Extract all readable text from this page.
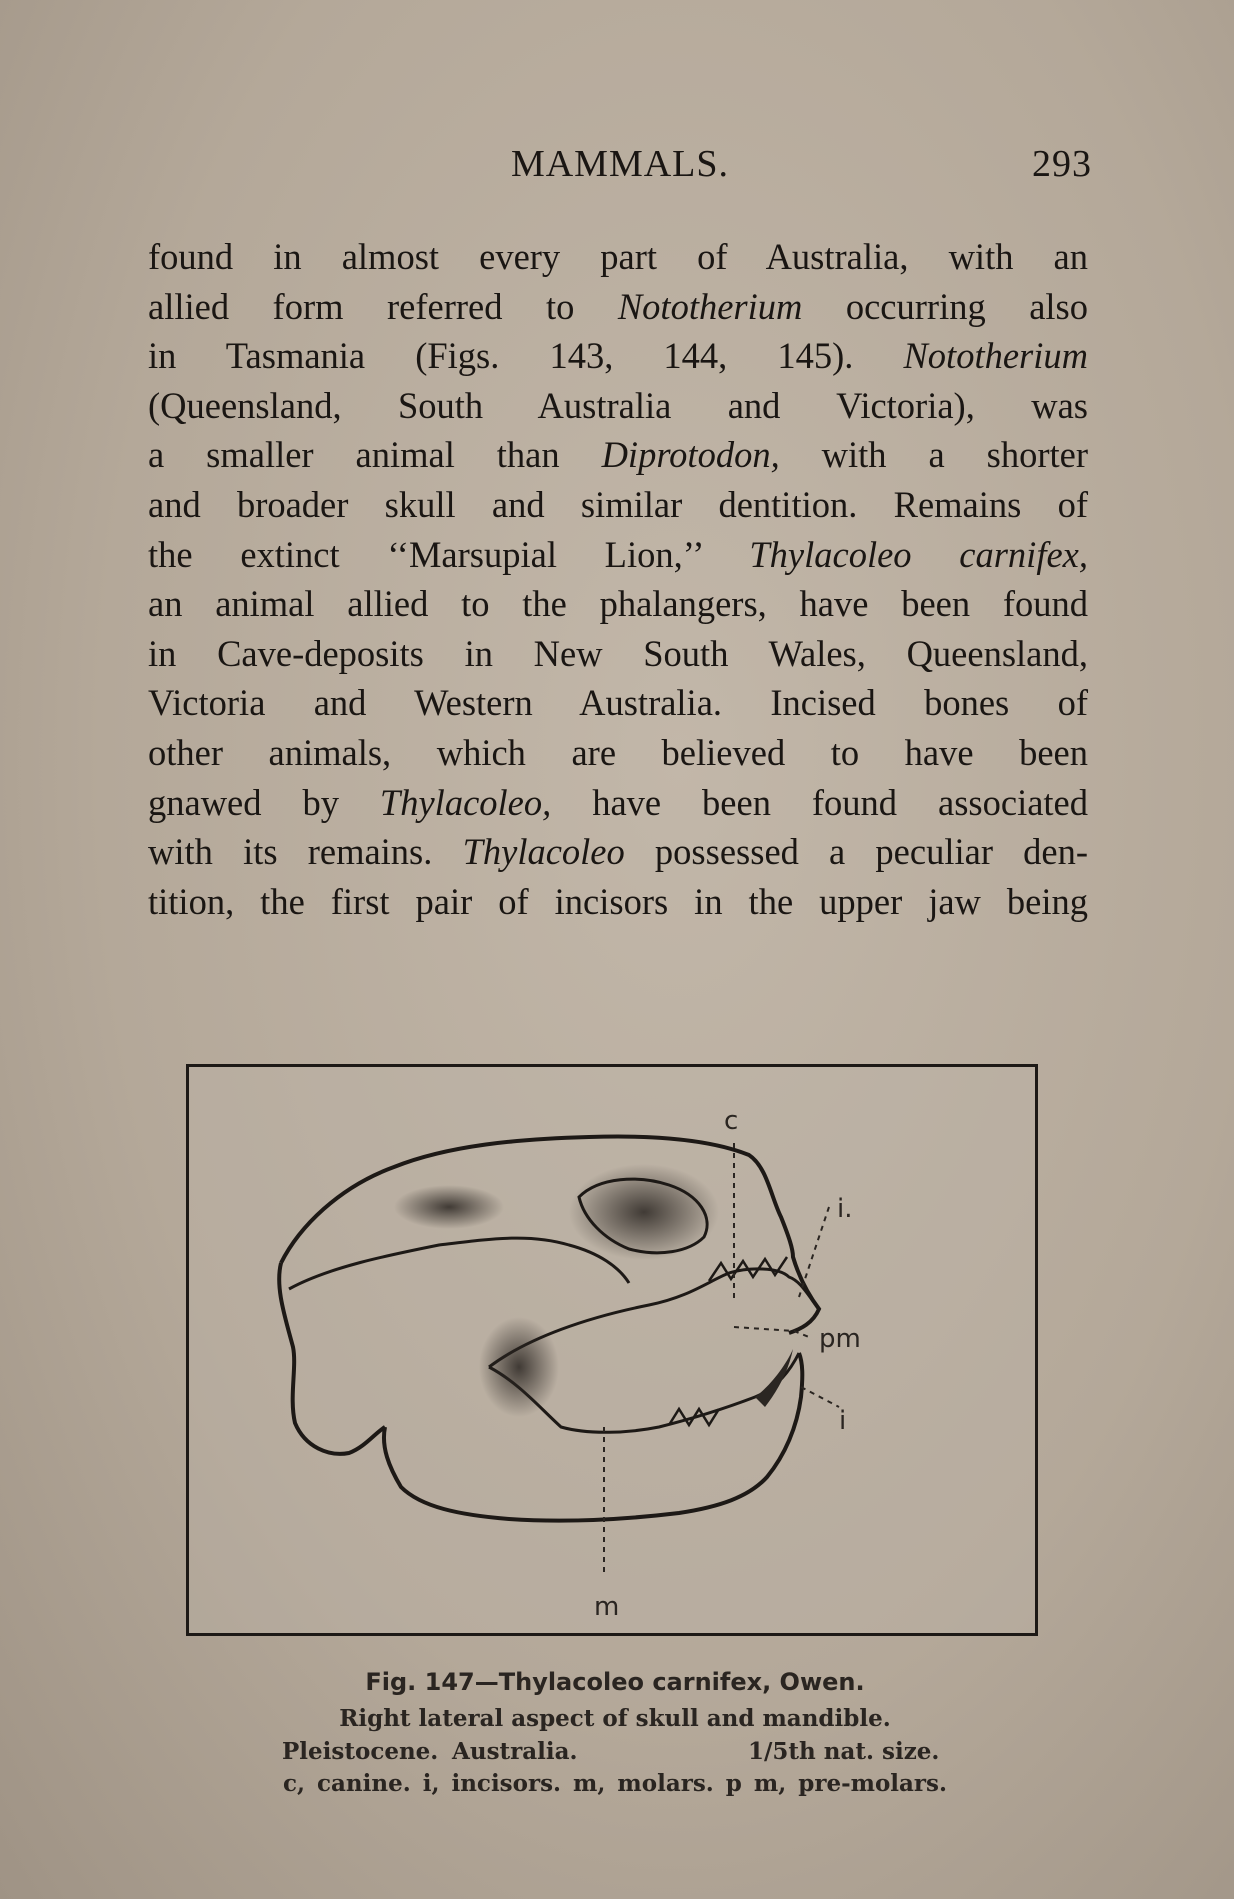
MAMMALS.	293
found in almost every part of Australia, with an
allied form referred to Nototherium occurring also
in Tasmania (Figs. 143, 144, 145). Nototherium
(Queensland, South Australia and Victoria), was
a smaller animal than Diprotodon, with a shorter
and broader skull and similar dentition. Remains of
the extinct ‘‘Marsupial Lion,’’ Thylacoleo carnifex,
an animal allied to the phalangers, have been found
in Cave-deposits in New South Wales, Queensland,
Victoria and Western Australia. Incised bones of
other animals, which are believed to have been
gnawed by Thylacoleo, have been found associated
with its remains. Thylacoleo possessed a peculiar den-
tition, the first pair of incisors in the upper jaw being
c
i.
pm
i
m
Fig. 147—Thylacoleo carnifex, Owen.
Right lateral aspect of skull and mandible.
Pleistocene. Australia.	1/5th nat. size.
c, canine. i, incisors. m, molars. p m, pre-molars.
